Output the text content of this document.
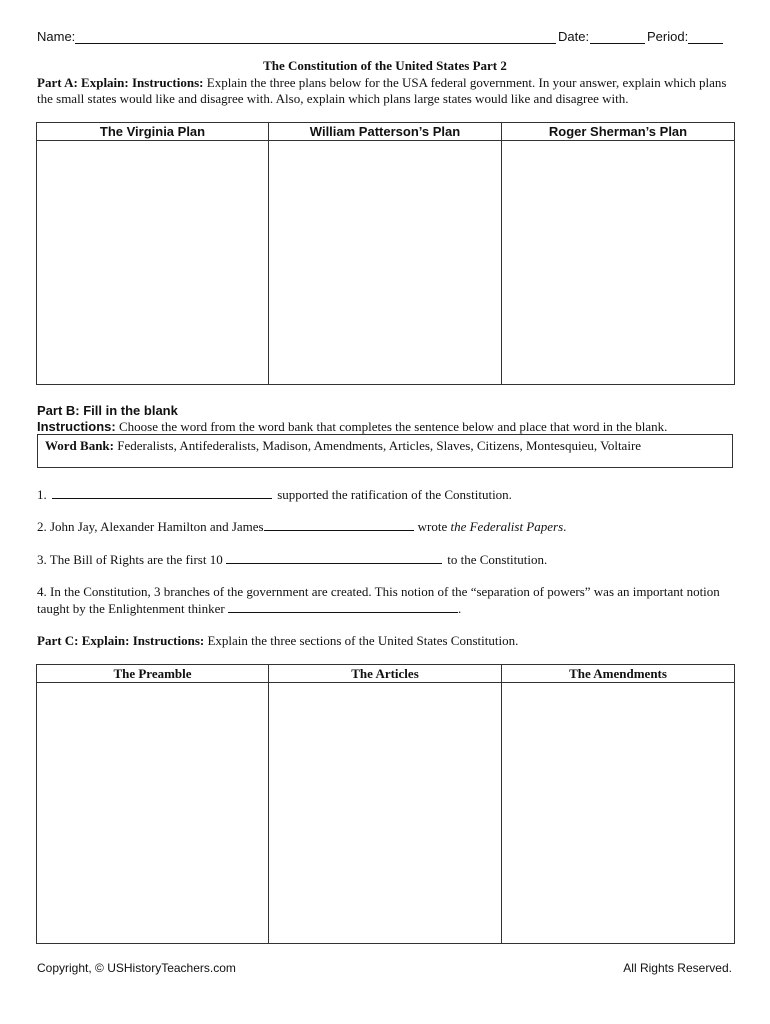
Name:	Date:	Period:
The Constitution of the United States Part 2
Part A: Explain: Instructions: Explain the three plans below for the USA federal government. In your answer, explain which plans the small states would like and disagree with. Also, explain which plans large states would like and disagree with.
The Virginia Plan	William Patterson’s Plan	Roger Sherman’s Plan

Part B: Fill in the blank
Instructions: Choose the word from the word bank that completes the sentence below and place that word in the blank.
Word Bank: Federalists, Antifederalists, Madison, Amendments, Articles, Slaves, Citizens, Montesquieu, Voltaire
1.	supported the ratification of the Constitution.
2. John Jay, Alexander Hamilton and James	wrote the Federalist Papers.
3. The Bill of Rights are the first 10	to the Constitution.
4. In the Constitution, 3 branches of the government are created. This notion of the “separation of powers” was an important notion taught by the Enlightenment thinker	.
Part C: Explain: Instructions: Explain the three sections of the United States Constitution.
The Preamble	The Articles	The Amendments

Copyright, © USHistoryTeachers.com	All Rights Reserved.
